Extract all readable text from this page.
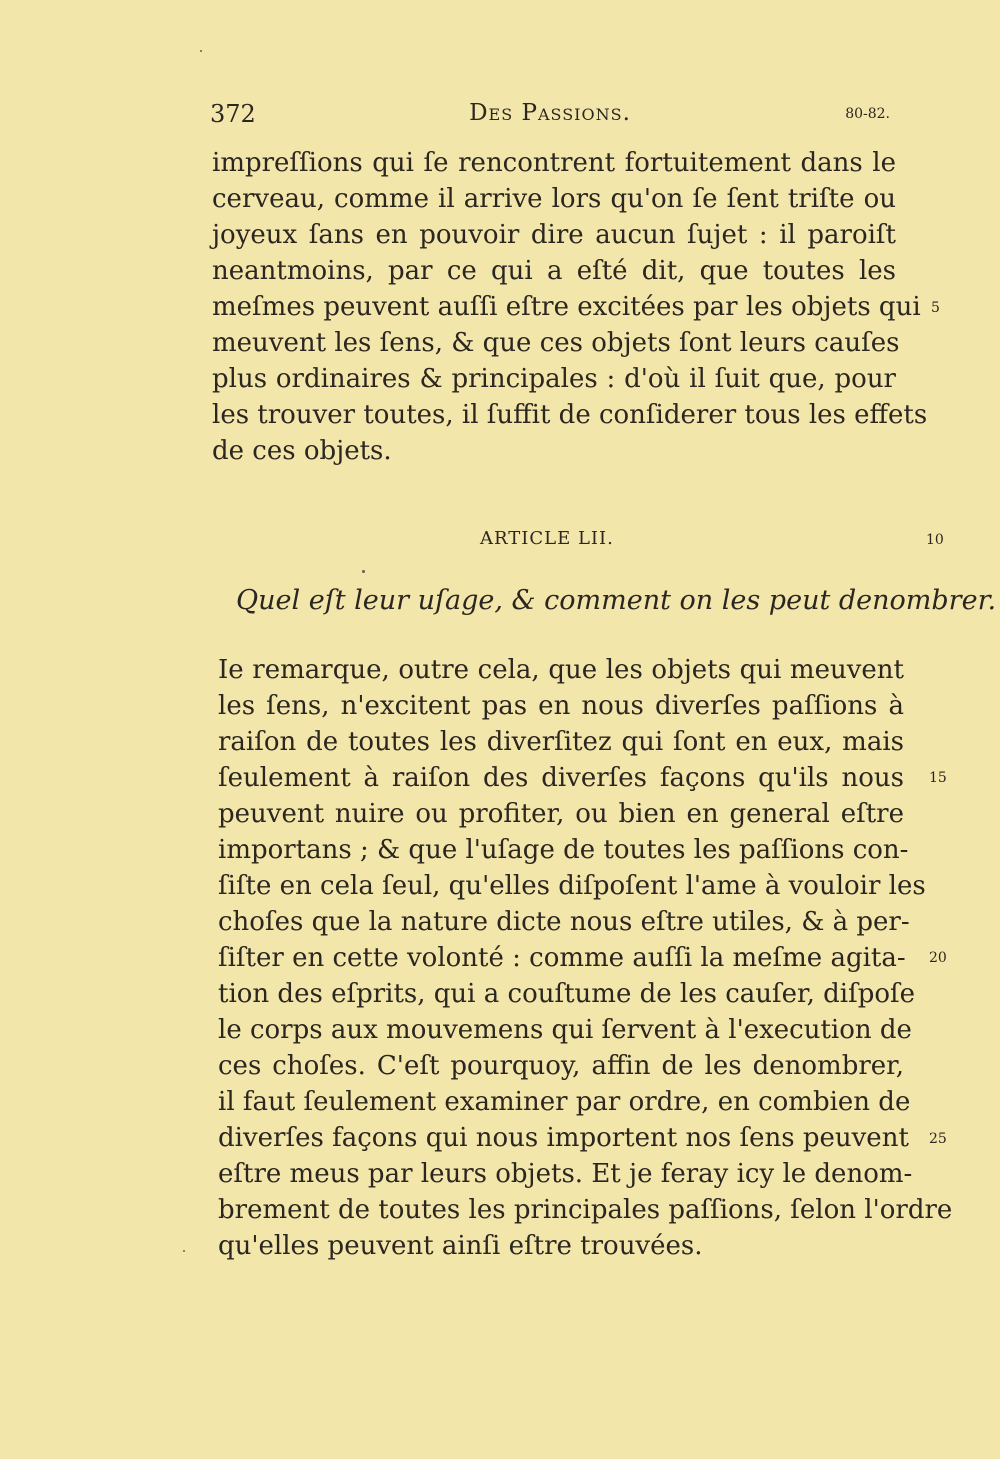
372	Des Passions.	80-82.
impreſſions qui ſe rencontrent fortuitement dans le
cerveau, comme il arrive lors qu'on ſe ſent triſte ou
joyeux ſans en pouvoir dire aucun ſujet : il paroiſt
neantmoins, par ce qui a eſté dit, que toutes les
meſmes peuvent auſſi eſtre excitées par les objets qui
meuvent les ſens, & que ces objets ſont leurs cauſes
plus ordinaires & principales : d'où il ſuit que, pour
les trouver toutes, il ſuffit de conſiderer tous les effets
de ces objets.
ARTICLE LII.
Quel eſt leur uſage, & comment on les peut denombrer.
Ie remarque, outre cela, que les objets qui meuvent
les ſens, n'excitent pas en nous diverſes paſſions à
raiſon de toutes les diverſitez qui ſont en eux, mais
ſeulement à raiſon des diverſes façons qu'ils nous
peuvent nuire ou profiter, ou bien en general eſtre
importans ; & que l'uſage de toutes les paſſions con-
ſiſte en cela ſeul, qu'elles diſpoſent l'ame à vouloir les
choſes que la nature dicte nous eſtre utiles, & à per-
ſiſter en cette volonté : comme auſſi la meſme agita-
tion des eſprits, qui a couſtume de les cauſer, diſpoſe
le corps aux mouvemens qui ſervent à l'execution de
ces choſes. C'eſt pourquoy, affin de les denombrer,
il faut ſeulement examiner par ordre, en combien de
diverſes façons qui nous importent nos ſens peuvent
eſtre meus par leurs objets. Et je feray icy le denom-
brement de toutes les principales paſſions, ſelon l'ordre
qu'elles peuvent ainſi eſtre trouvées.
5
10
15
20
25
